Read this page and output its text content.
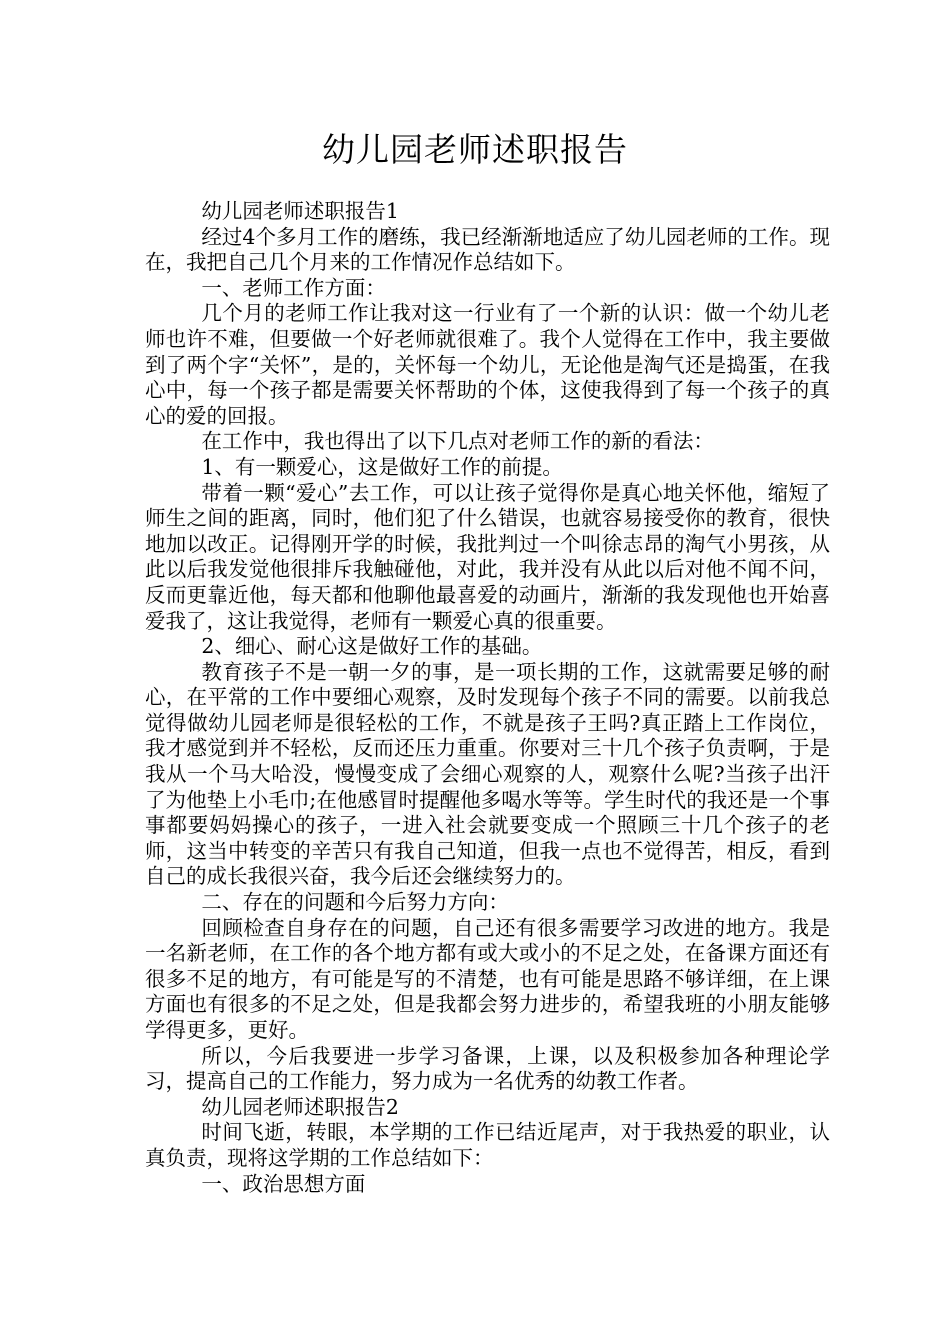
幼儿园老师述职报告

幼儿园老师述职报告1

经过4个多月工作的磨练，我已经渐渐地适应了幼儿园老师的工作。现在，我把自己几个月来的工作情况作总结如下。

一、老师工作方面：

几个月的老师工作让我对这一行业有了一个新的认识：做一个幼儿老师也许不难，但要做一个好老师就很难了。我个人觉得在工作中，我主要做到了两个字“关怀”，是的，关怀每一个幼儿，无论他是淘气还是捣蛋，在我心中，每一个孩子都是需要关怀帮助的个体，这使我得到了每一个孩子的真心的爱的回报。

在工作中，我也得出了以下几点对老师工作的新的看法：

1、有一颗爱心，这是做好工作的前提。

带着一颗“爱心”去工作，可以让孩子觉得你是真心地关怀他，缩短了师生之间的距离，同时，他们犯了什么错误，也就容易接受你的教育，很快地加以改正。记得刚开学的时候，我批判过一个叫徐志昂的淘气小男孩，从此以后我发觉他很排斥我触碰他，对此，我并没有从此以后对他不闻不问，反而更靠近他，每天都和他聊他最喜爱的动画片，渐渐的我发现他也开始喜爱我了，这让我觉得，老师有一颗爱心真的很重要。

2、细心、耐心这是做好工作的基础。

教育孩子不是一朝一夕的事，是一项长期的工作，这就需要足够的耐心，在平常的工作中要细心观察，及时发现每个孩子不同的需要。以前我总觉得做幼儿园老师是很轻松的工作，不就是孩子王吗?真正踏上工作岗位，我才感觉到并不轻松，反而还压力重重。你要对三十几个孩子负责啊，于是我从一个马大哈没，慢慢变成了会细心观察的人，观察什么呢?当孩子出汗了为他垫上小毛巾;在他感冒时提醒他多喝水等等。学生时代的我还是一个事事都要妈妈操心的孩子，一进入社会就要变成一个照顾三十几个孩子的老师，这当中转变的辛苦只有我自己知道，但我一点也不觉得苦，相反，看到自己的成长我很兴奋，我今后还会继续努力的。

二、存在的问题和今后努力方向：

回顾检查自身存在的问题，自己还有很多需要学习改进的地方。我是一名新老师，在工作的各个地方都有或大或小的不足之处，在备课方面还有很多不足的地方，有可能是写的不清楚，也有可能是思路不够详细，在上课方面也有很多的不足之处，但是我都会努力进步的，希望我班的小朋友能够学得更多，更好。

所以，今后我要进一步学习备课，上课，以及积极参加各种理论学习，提高自己的工作能力，努力成为一名优秀的幼教工作者。

幼儿园老师述职报告2

时间飞逝，转眼，本学期的工作已结近尾声，对于我热爱的职业，认真负责，现将这学期的工作总结如下：

一、政治思想方面
